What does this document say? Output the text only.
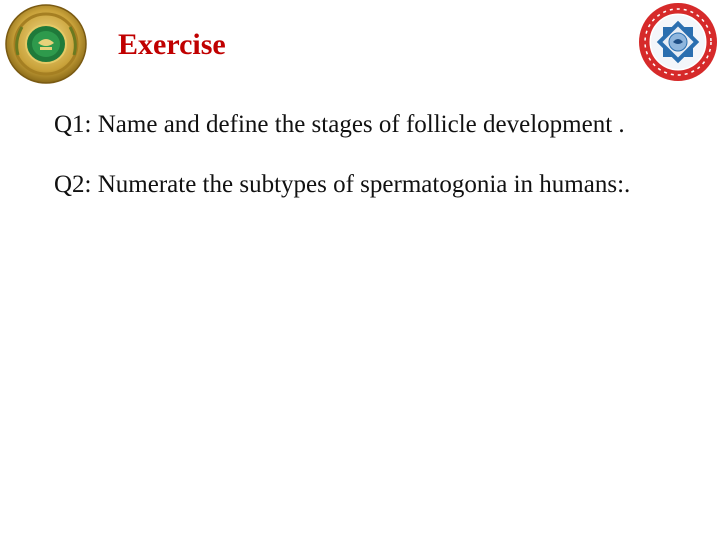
Exercise

Q1: Name and define the stages of follicle development .

Q2: Numerate the subtypes of spermatogonia in humans:.
